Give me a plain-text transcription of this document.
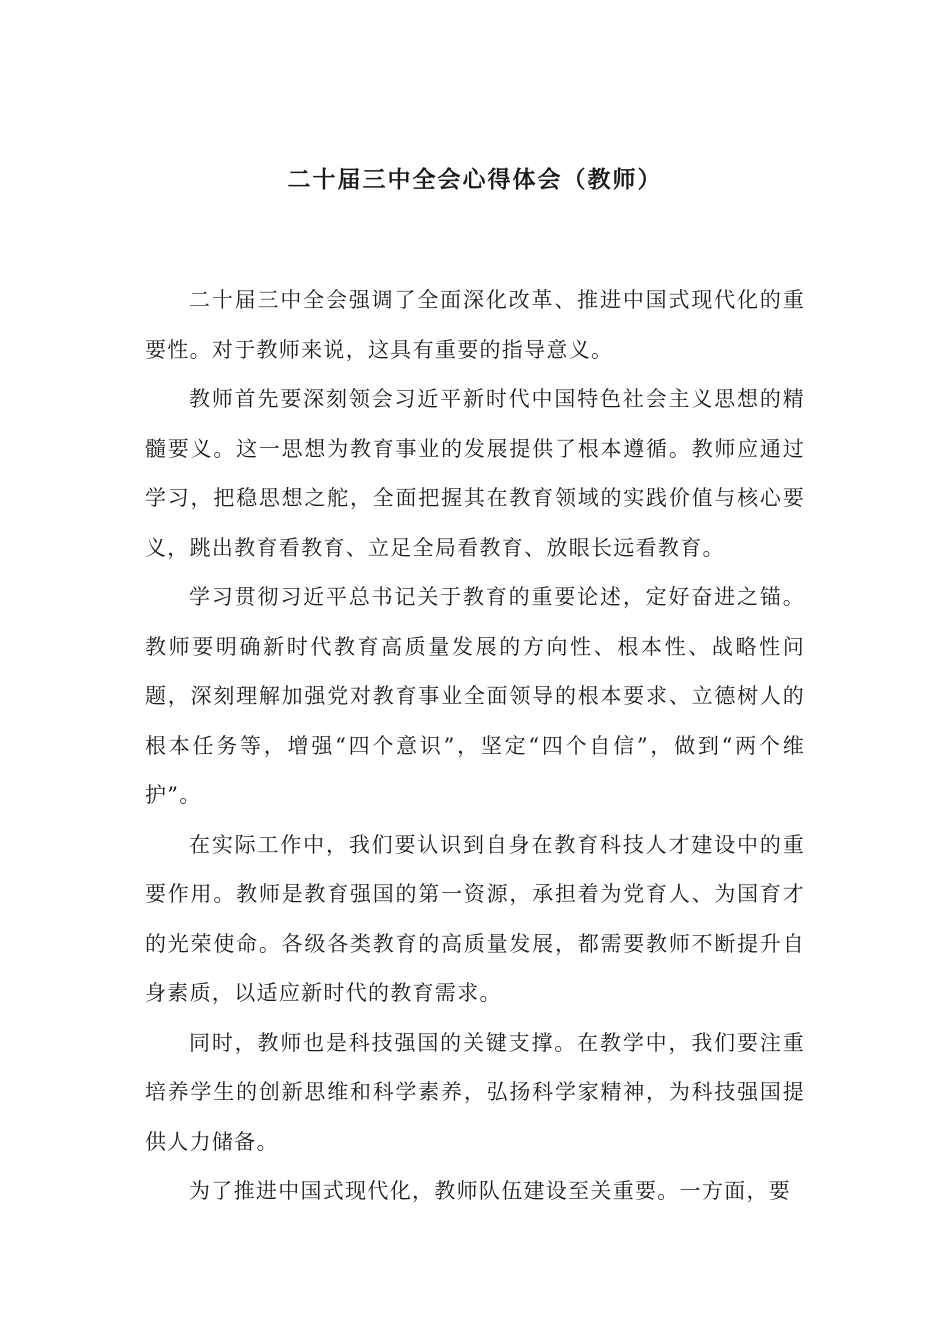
二十届三中全会心得体会（教师）

二十届三中全会强调了全面深化改革、推进中国式现代化的重要性。对于教师来说，这具有重要的指导意义。

教师首先要深刻领会习近平新时代中国特色社会主义思想的精髓要义。这一思想为教育事业的发展提供了根本遵循。教师应通过学习，把稳思想之舵，全面把握其在教育领域的实践价值与核心要义，跳出教育看教育、立足全局看教育、放眼长远看教育。

学习贯彻习近平总书记关于教育的重要论述，定好奋进之锚。教师要明确新时代教育高质量发展的方向性、根本性、战略性问题，深刻理解加强党对教育事业全面领导的根本要求、立德树人的根本任务等，增强“四个意识”，坚定“四个自信”，做到“两个维护”。

在实际工作中，我们要认识到自身在教育科技人才建设中的重要作用。教师是教育强国的第一资源，承担着为党育人、为国育才的光荣使命。各级各类教育的高质量发展，都需要教师不断提升自身素质，以适应新时代的教育需求。

同时，教师也是科技强国的关键支撑。在教学中，我们要注重培养学生的创新思维和科学素养，弘扬科学家精神，为科技强国提供人力储备。

为了推进中国式现代化，教师队伍建设至关重要。一方面，要
